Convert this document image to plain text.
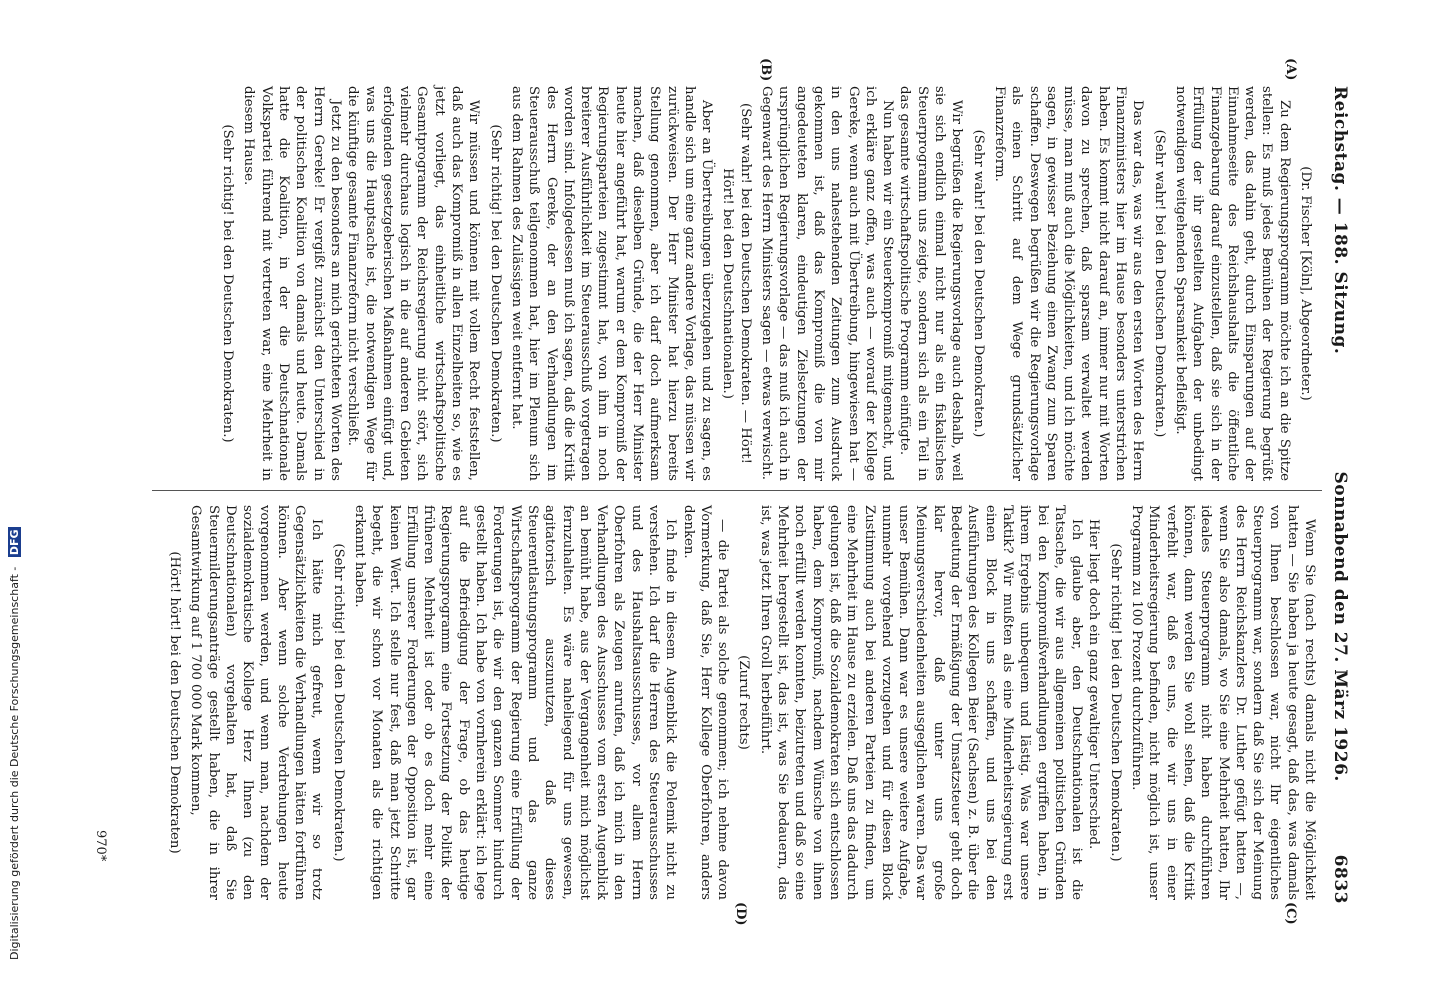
Reichstag. — 188. Sitzung.
Sonnabend den 27. März 1926.  6833
(A)
(B)
(C)
(D)

(Dr. Fischer [Köln], Abgeordneter.)

Zu dem Regierungsprogramm möchte ich an die Spitze stellen: Es muß jedes Bemühen der Regierung begrüßt werden, das dahin geht, durch Einsparungen auf der Einnahmeseite des Reichshaushalts die öffentliche Finanzgebarung darauf einzustellen, daß sie sich in der Erfüllung der ihr gestellten Aufgaben der unbedingt notwendigen weitgehenden Sparsamkeit befleißigt.

(Sehr wahr! bei den Deutschen Demokraten.)

Das war das, was wir aus den ersten Worten des Herrn Finanzministers hier im Hause besonders unterstrichen haben. Es kommt nicht darauf an, immer nur mit Worten davon zu sprechen, daß sparsam verwaltet werden müsse, man muß auch die Möglichkeiten, und ich möchte sagen, in gewisser Beziehung einen Zwang zum Sparen schaffen. Deswegen begrüßen wir die Regierungsvorlage als einen Schritt auf dem Wege grundsätzlicher Finanzreform.

(Sehr wahr! bei den Deutschen Demokraten.)

Wir begrüßen die Regierungsvorlage auch deshalb, weil sie sich endlich einmal nicht nur als ein fiskalisches Steuerprogramm uns zeigte, sondern sich als ein Teil in das gesamte wirtschaftspolitische Programm einfügte.

Nun haben wir ein Steuerkompromiß mitgemacht, und ich erkläre ganz offen, was auch — worauf der Kollege Gereke, wenn auch mit Übertreibung, hingewiesen hat — in den uns nahestehenden Zeitungen zum Ausdruck gekommen ist, daß das Kompromiß die von mir angedeuteten klaren, eindeutigen Zielsetzungen der ursprünglichen Regierungsvorlage — das muß ich auch in Gegenwart des Herrn Ministers sagen — etwas verwischt.

(Sehr wahr! bei den Deutschen Demokraten. — Hört! Hört! bei den Deutschnationalen.)

Aber an Übertreibungen überzugehen und zu sagen, es handle sich um eine ganz andere Vorlage, das müssen wir zurückweisen. Der Herr Minister hat hierzu bereits Stellung genommen, aber ich darf doch aufmerksam machen, daß dieselben Gründe, die der Herr Minister heute hier angeführt hat, warum er dem Kompromiß der Regierungsparteien zugestimmt hat, von ihm in noch breiterer Ausführlichkeit im Steuerausschuß vorgetragen worden sind. Infolgedessen muß ich sagen, daß die Kritik des Herrn Gereke, der an den Verhandlungen im Steuerausschuß teilgenommen hat, hier im Plenum sich aus dem Rahmen des Zulässigen weit entfernt hat.

(Sehr richtig! bei den Deutschen Demokraten.)

Wir müssen und können mit vollem Recht feststellen, daß auch das Kompromiß in allen Einzelheiten so, wie es jetzt vorliegt, das einheitliche wirtschaftspolitische Gesamtprogramm der Reichsregierung nicht stört, sich vielmehr durchaus logisch in die auf anderen Gebieten erfolgenden gesetzgeberischen Maßnahmen einfügt und, was uns die Hauptsache ist, die notwendigen Wege für die künftige gesamte Finanzreform nicht verschließt.

Jetzt zu den besonders an mich gerichteten Worten des Herrn Gereke! Er vergißt zunächst den Unterschied in der politischen Koalition von damals und heute. Damals hatte die Koalition, in der die Deutschnationale Volkspartei führend mit vertreten war, eine Mehrheit in diesem Hause.

(Sehr richtig! bei den Deutschen Demokraten.)

Wenn Sie (nach rechts) damals nicht die Möglichkeit hatten — Sie haben ja heute gesagt, daß das, was damals von Ihnen beschlossen war, nicht Ihr eigentliches Steuerprogramm war, sondern daß Sie sich der Meinung des Herrn Reichskanzlers Dr. Luther gefügt hatten —, wenn Sie also damals, wo Sie eine Mehrheit hatten, Ihr ideales Steuerprogramm nicht haben durchführen können, dann werden Sie wohl sehen, daß die Kritik verfehlt war, daß es uns, die wir uns in einer Minderheitsregierung befinden, nicht möglich ist, unser Programm zu 100 Prozent durchzuführen.

(Sehr richtig! bei den Deutschen Demokraten.)

Hier liegt doch ein ganz gewaltiger Unterschied.

Ich glaube aber, den Deutschnationalen ist die Tatsache, die wir aus allgemeinen politischen Gründen bei den Kompromißverhandlungen ergriffen haben, in ihrem Ergebnis unbequem und lästig. Was war unsere Taktik? Wir mußten als eine Minderheitsregierung erst einen Block in uns schaffen, und uns bei den Ausführungen des Kollegen Beier (Sachsen) z. B. über die Bedeutung der Ermäßigung der Umsatzsteuer geht doch klar hervor, daß unter uns große Meinungsverschiedenheiten ausgeglichen waren. Das war unser Bemühen. Dann war es unsere weitere Aufgabe, nunmehr vorgehend vorzugehen und für diesen Block Zustimmung auch bei anderen Parteien zu finden, um eine Mehrheit im Hause zu erzielen. Daß uns das dadurch gelungen ist, daß die Sozialdemokraten sich entschlossen haben, dem Kompromiß, nachdem Wünsche von ihnen noch erfüllt werden konnten, beizutreten und daß so eine Mehrheit hergestellt ist, das ist, was Sie bedauern, das ist, was jetzt Ihren Groll herbeiführt.

(Zuruf rechts)

— die Partei als solche genommen; ich nehme davon Vormerkung, daß Sie, Herr Kollege Oberfohren, anders denken.

Ich finde in diesem Augenblick die Polemik nicht zu verstehen. Ich darf die Herren des Steuerausschusses und des Haushaltsausschusses, vor allem Herrn Oberfohren als Zeugen anrufen, daß ich mich in den Verhandlungen des Ausschusses vom ersten Augenblick an bemüht habe, aus der Vergangenheit mich möglichst fernzuhalten. Es wäre naheliegend für uns gewesen, agitatorisch auszunutzen, daß dieses Steuerentlastungsprogramm und das ganze Wirtschaftsprogramm der Regierung eine Erfüllung der Forderungen ist, die wir den ganzen Sommer hindurch gestellt haben. Ich habe von vornherein erklärt: ich lege auf die Befriedigung der Frage, ob das heutige Regierungsprogramm eine Fortsetzung der Politik der früheren Mehrheit ist oder ob es doch mehr eine Erfüllung unserer Forderungen der Opposition ist, gar keinen Wert. Ich stelle nur fest, daß man jetzt Schritte begeht, die wir schon vor Monaten als die richtigen erkannt haben.

(Sehr richtig! bei den Deutschen Demokraten.)

Ich hätte mich gefreut, wenn wir so trotz Gegensätzlichkeiten die Verhandlungen hätten fortführen können. Aber wenn solche Verdrehungen heute vorgenommen werden, und wenn man, nachdem der sozialdemokratische Kollege Herz Ihnen (zu den Deutschnationalen) vorgehalten hat, daß Sie Steuermilderungsanträge gestellt haben, die in ihrer Gesamtwirkung auf 1 700 000 Mark kommen,

(Hört! hört! bei den Deutschen Demokraten)

970*
Digitalisierung gefördert durch die Deutsche Forschungsgemeinschaft - DFG
